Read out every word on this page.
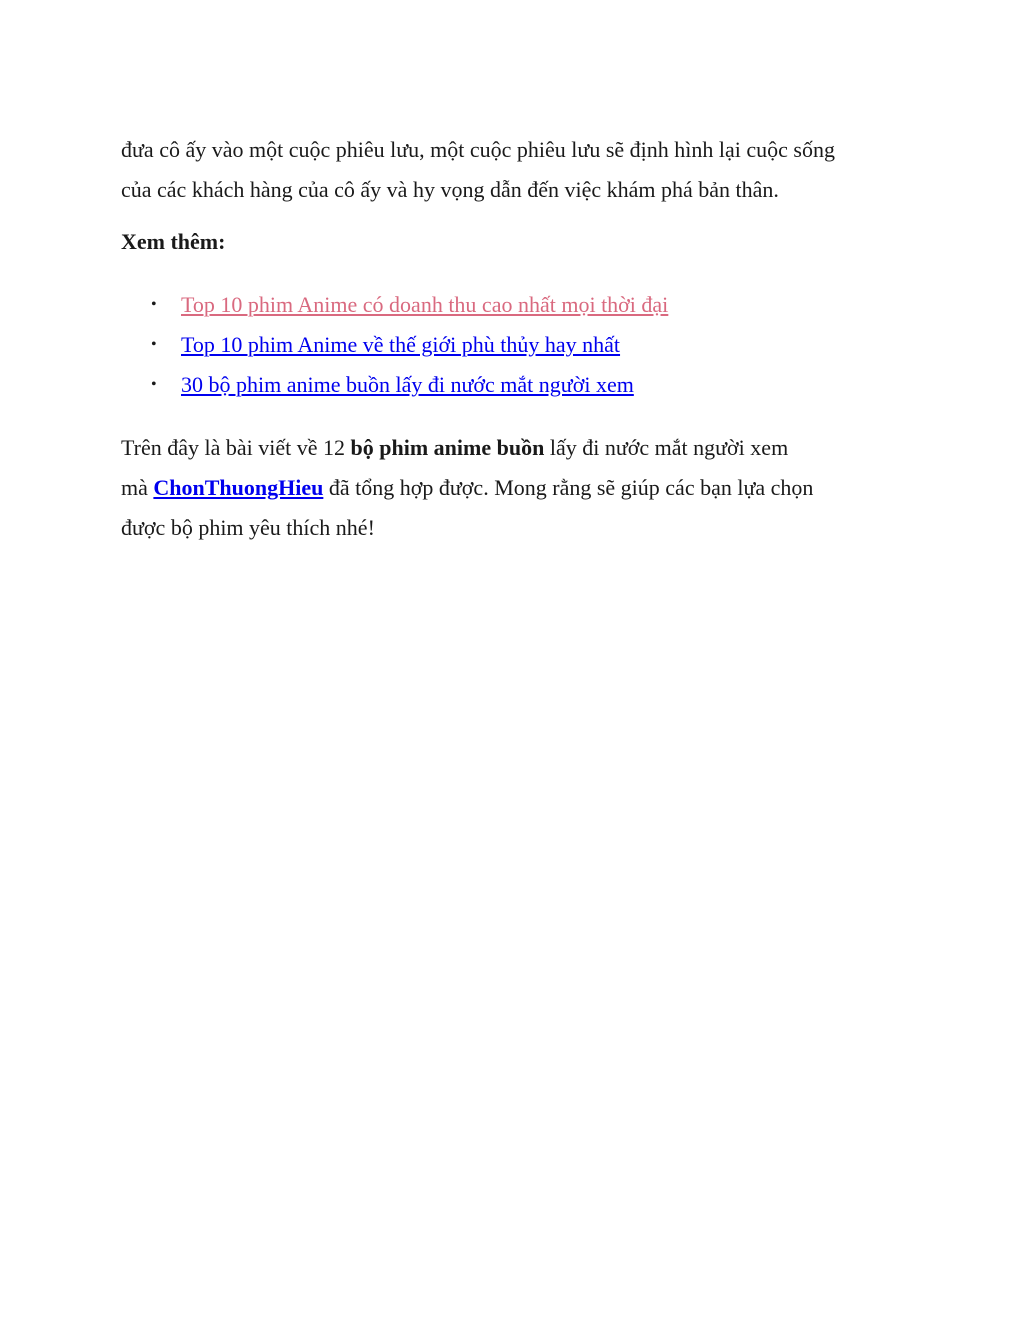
đưa cô ấy vào một cuộc phiêu lưu, một cuộc phiêu lưu sẽ định hình lại cuộc sống
của các khách hàng của cô ấy và hy vọng dẫn đến việc khám phá bản thân.

Xem thêm:

• Top 10 phim Anime có doanh thu cao nhất mọi thời đại
• Top 10 phim Anime về thế giới phù thủy hay nhất
• 30 bộ phim anime buồn lấy đi nước mắt người xem

Trên đây là bài viết về 12 bộ phim anime buồn lấy đi nước mắt người xem
mà ChonThuongHieu đã tổng hợp được. Mong rằng sẽ giúp các bạn lựa chọn
được bộ phim yêu thích nhé!
